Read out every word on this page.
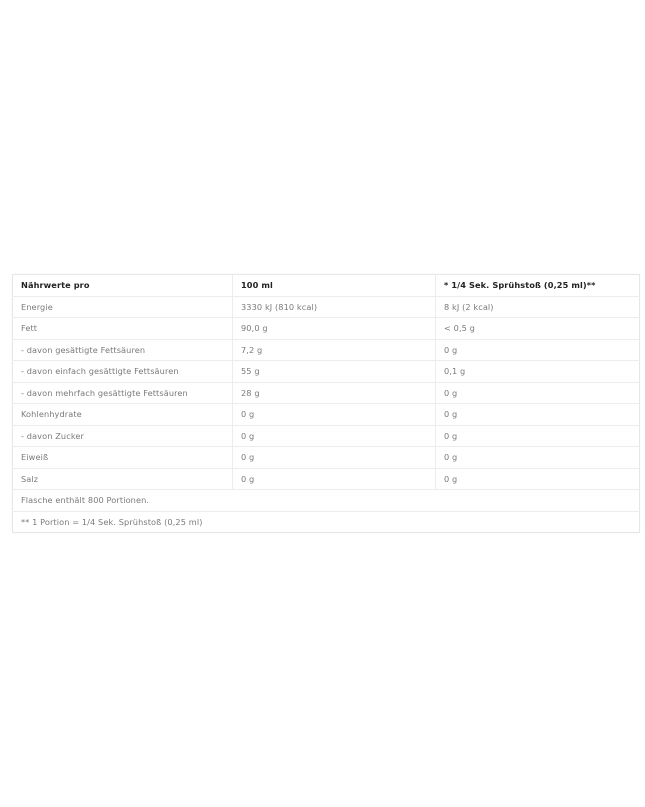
Nährwerte pro	100 ml	* 1/4 Sek. Sprühstoß (0,25 ml)**
Energie	3330 kJ (810 kcal)	8 kJ (2 kcal)
Fett	90,0 g	< 0,5 g
- davon gesättigte Fettsäuren	7,2 g	0 g
- davon einfach gesättigte Fettsäuren	55 g	0,1 g
- davon mehrfach gesättigte Fettsäuren	28 g	0 g
Kohlenhydrate	0 g	0 g
- davon Zucker	0 g	0 g
Eiweiß	0 g	0 g
Salz	0 g	0 g
Flasche enthält 800 Portionen.		
** 1 Portion = 1/4 Sek. Sprühstoß (0,25 ml)		
